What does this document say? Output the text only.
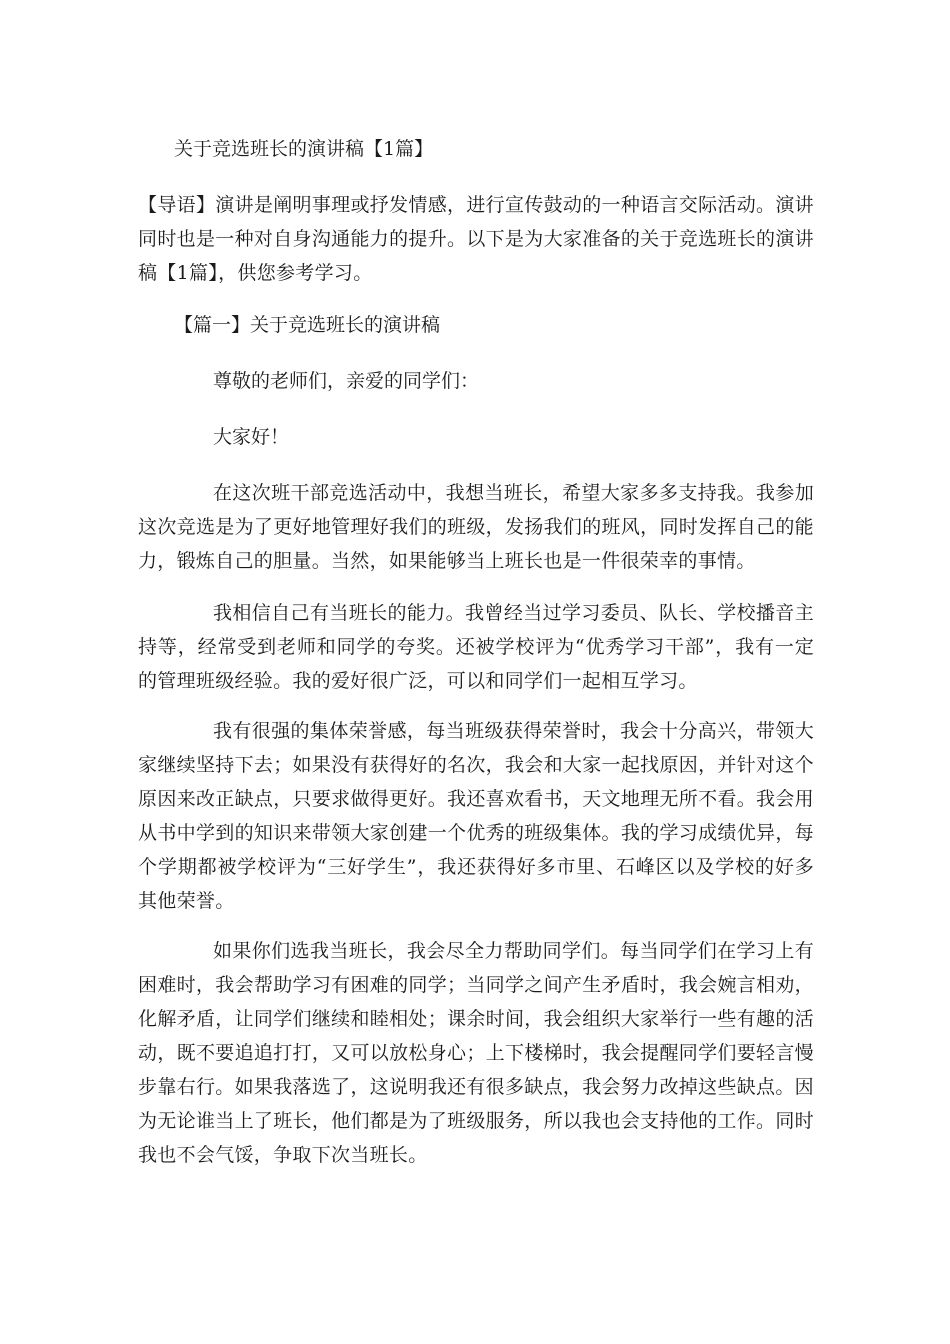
关于竞选班长的演讲稿【1篇】
【导语】演讲是阐明事理或抒发情感，进行宣传鼓动的一种语言交际活动。演讲同时也是一种对自身沟通能力的提升。以下是为大家准备的关于竞选班长的演讲稿【1篇】，供您参考学习。
【篇一】关于竞选班长的演讲稿
尊敬的老师们，亲爱的同学们：
大家好！
在这次班干部竞选活动中，我想当班长，希望大家多多支持我。我参加这次竞选是为了更好地管理好我们的班级，发扬我们的班风，同时发挥自己的能力，锻炼自己的胆量。当然，如果能够当上班长也是一件很荣幸的事情。
我相信自己有当班长的能力。我曾经当过学习委员、队长、学校播音主持等，经常受到老师和同学的夸奖。还被学校评为“优秀学习干部”，我有一定的管理班级经验。我的爱好很广泛，可以和同学们一起相互学习。
我有很强的集体荣誉感，每当班级获得荣誉时，我会十分高兴，带领大家继续坚持下去；如果没有获得好的名次，我会和大家一起找原因，并针对这个原因来改正缺点，只要求做得更好。我还喜欢看书，天文地理无所不看。我会用从书中学到的知识来带领大家创建一个优秀的班级集体。我的学习成绩优异，每个学期都被学校评为“三好学生”，我还获得好多市里、石峰区以及学校的好多其他荣誉。
如果你们选我当班长，我会尽全力帮助同学们。每当同学们在学习上有困难时，我会帮助学习有困难的同学；当同学之间产生矛盾时，我会婉言相劝，化解矛盾，让同学们继续和睦相处；课余时间，我会组织大家举行一些有趣的活动，既不要追追打打，又可以放松身心；上下楼梯时，我会提醒同学们要轻言慢步靠右行。如果我落选了，这说明我还有很多缺点，我会努力改掉这些缺点。因为无论谁当上了班长，他们都是为了班级服务，所以我也会支持他的工作。同时我也不会气馁，争取下次当班长。
